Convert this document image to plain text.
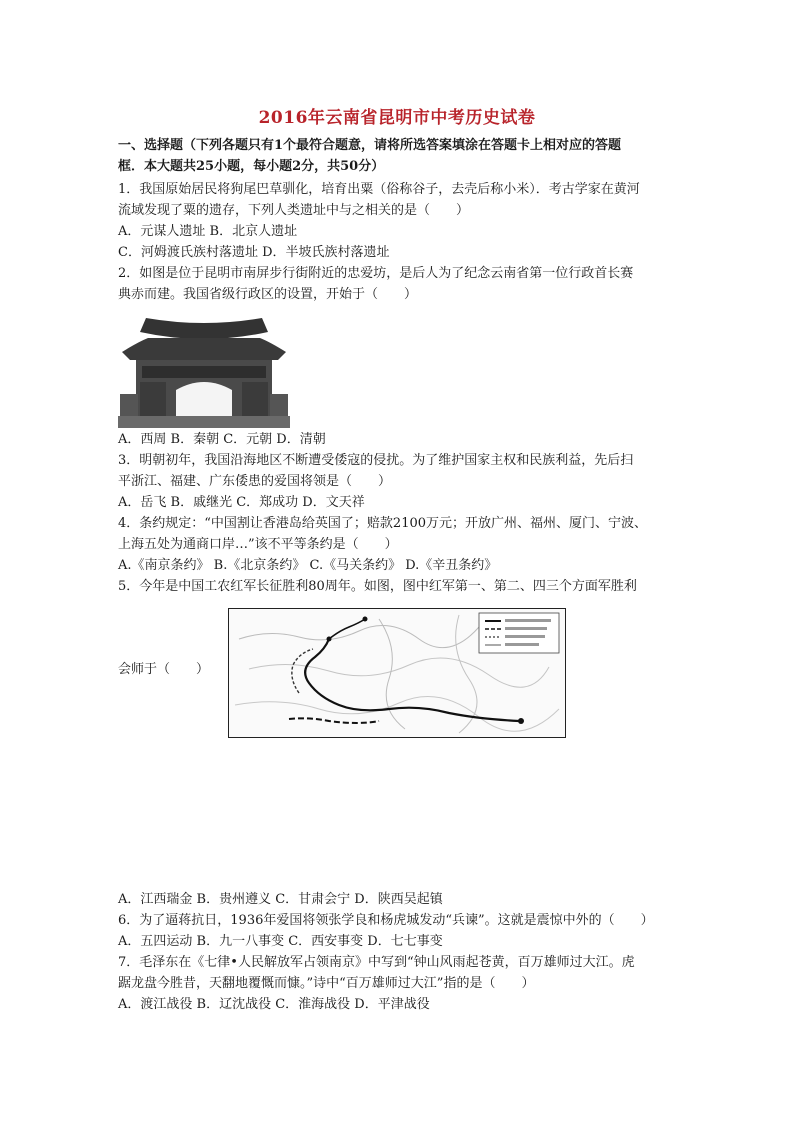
2016年云南省昆明市中考历史试卷
一、选择题（下列各题只有1个最符合题意，请将所选答案填涂在答题卡上相对应的答题
框．本大题共25小题，每小题2分，共50分）
1．我国原始居民将狗尾巴草驯化，培育出粟（俗称谷子，去壳后称小米）．考古学家在黄河
流域发现了粟的遗存，下列人类遗址中与之相关的是（　　）
A．元谋人遗址 B．北京人遗址
C．河姆渡氏族村落遗址 D．半坡氏族村落遗址
2．如图是位于昆明市南屏步行街附近的忠爱坊，是后人为了纪念云南省第一位行政首长赛
典赤而建。我国省级行政区的设置，开始于（　　）
A．西周 B．秦朝 C．元朝 D．清朝
3．明朝初年，我国沿海地区不断遭受倭寇的侵扰。为了维护国家主权和民族利益，先后扫
平浙江、福建、广东倭患的爱国将领是（　　）
A．岳飞 B．戚继光 C．郑成功 D．文天祥
4．条约规定：“中国割让香港岛给英国了；赔款2100万元；开放广州、福州、厦门、宁波、
上海五处为通商口岸…”该不平等条约是（　　）
A.《南京条约》 B.《北京条约》 C.《马关条约》 D.《辛丑条约》
5．今年是中国工农红军长征胜利80周年。如图，图中红军第一、第二、四三个方面军胜利
会师于（　　）
A．江西瑞金 B．贵州遵义 C．甘肃会宁 D．陕西吴起镇
6．为了逼蒋抗日，1936年爱国将领张学良和杨虎城发动“兵谏”。这就是震惊中外的（　　）
A．五四运动 B．九一八事变 C．西安事变 D．七七事变
7．毛泽东在《七律•人民解放军占领南京》中写到“钟山风雨起苍黄，百万雄师过大江。虎
踞龙盘今胜昔，天翻地覆慨而慷。”诗中“百万雄师过大江”指的是（　　）
A．渡江战役 B．辽沈战役 C．淮海战役 D．平津战役
